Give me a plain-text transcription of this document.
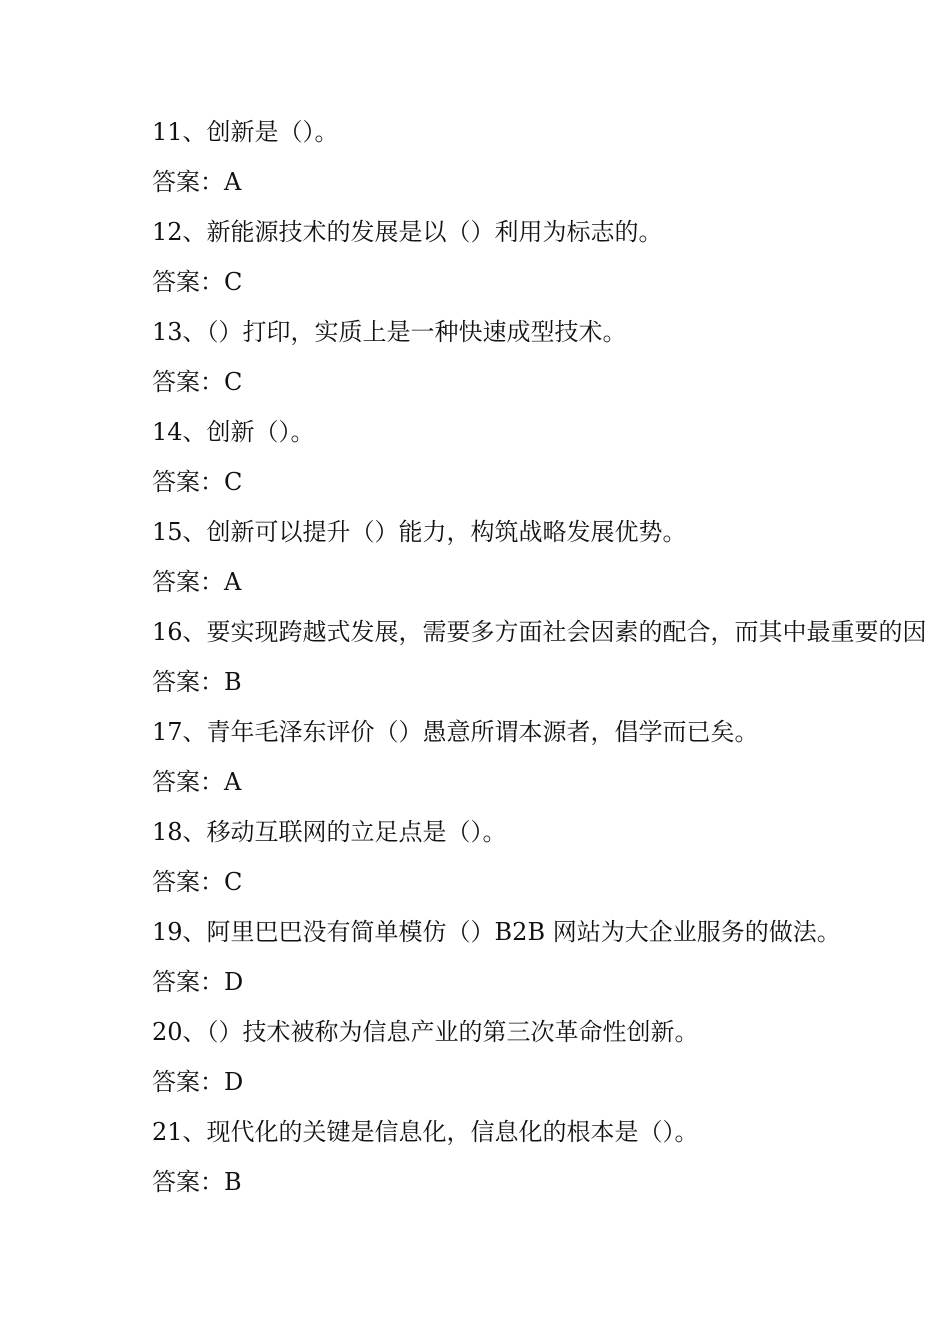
11、创新是（）。
答案：A
12、新能源技术的发展是以（）利用为标志的。
答案：C
13、（）打印，实质上是一种快速成型技术。
答案：C
14、创新（）。
答案：C
15、创新可以提升（）能力，构筑战略发展优势。
答案：A
16、要实现跨越式发展，需要多方面社会因素的配合，而其中最重要的因
答案：B
17、青年毛泽东评价（）愚意所谓本源者，倡学而已矣。
答案：A
18、移动互联网的立足点是（）。
答案：C
19、阿里巴巴没有简单模仿（）B2B 网站为大企业服务的做法。
答案：D
20、（）技术被称为信息产业的第三次革命性创新。
答案：D
21、现代化的关键是信息化，信息化的根本是（）。
答案：B
